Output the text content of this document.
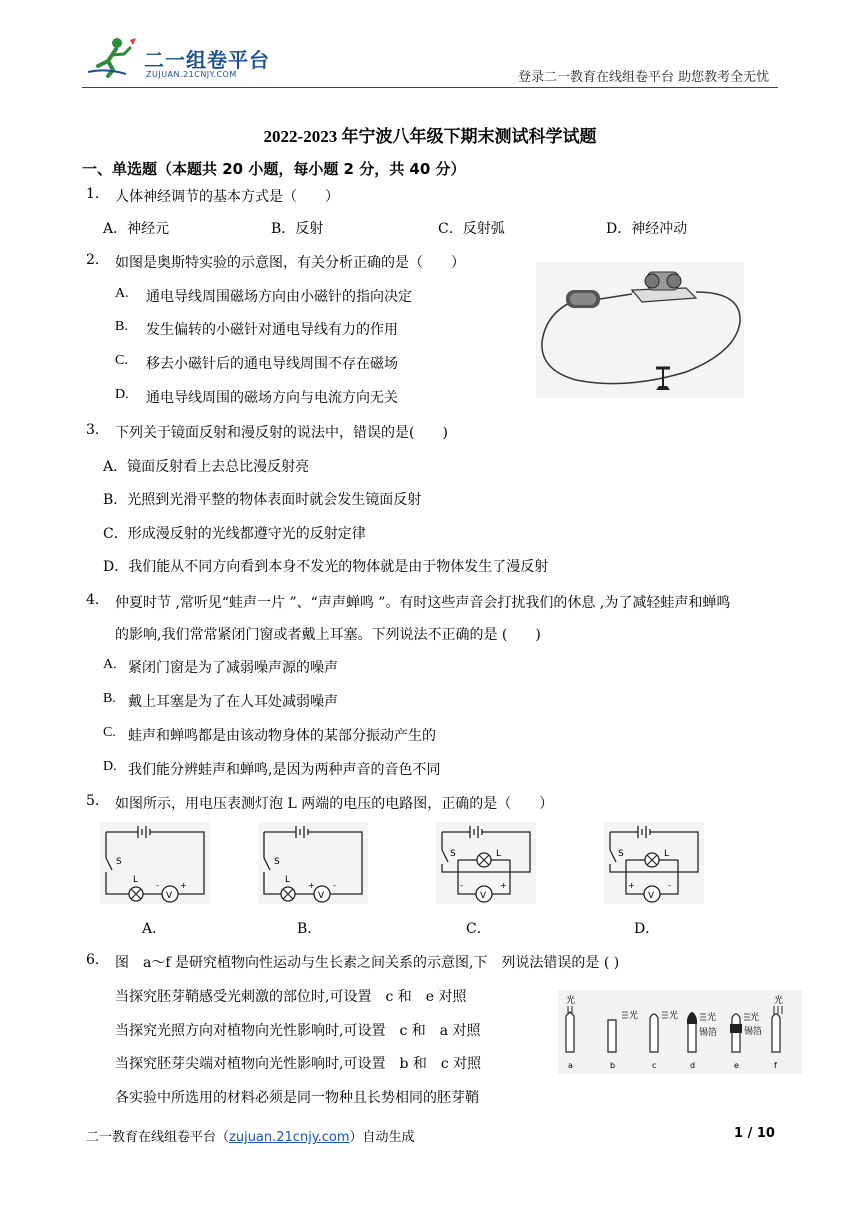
二一组卷平台
ZUJUAN.21CNJY.COM	登录二一教育在线组卷平台 助您教考全无忧
2022-2023 年宁波八年级下期末测试科学试题
一、单选题（本题共 20 小题，每小题 2 分，共 40 分）
1. 人体神经调节的基本方式是（　　）
A．神经元	B．反射	C．反射弧	D．神经冲动
2. 如图是奥斯特实验的示意图，有关分析正确的是（　　）
A. 通电导线周围磁场方向由小磁针的指向决定
B. 发生偏转的小磁针对通电导线有力的作用
C. 移去小磁针后的通电导线周围不存在磁场
D. 通电导线周围的磁场方向与电流方向无关
3. 下列关于镜面反射和漫反射的说法中，错误的是(　　)
A．镜面反射看上去总比漫反射亮
B．光照到光滑平整的物体表面时就会发生镜面反射
C．形成漫反射的光线都遵守光的反射定律
D．我们能从不同方向看到本身不发光的物体就是由于物体发生了漫反射
4. 仲夏时节 ,常听见“蛙声一片 ”、“声声蝉鸣 ”。有时这些声音会打扰我们的休息 ,为了减轻蛙声和蝉鸣
的影响,我们常常紧闭门窗或者戴上耳塞。下列说法不正确的是 (　　)
A. 紧闭门窗是为了减弱噪声源的噪声
B. 戴上耳塞是为了在人耳处减弱噪声
C. 蛙声和蝉鸣都是由该动物身体的某部分振动产生的
D. 我们能分辨蛙声和蝉鸣,是因为两种声音的音色不同
5. 如图所示，用电压表测灯泡 L 两端的电压的电路图，正确的是（　　）
S
L
V
-	+
S
L
V
+ -
S	L
V
-	+
S	L
V
+	-
A．	B．	C．	D．
6. 图　a～f 是研究植物向性运动与生长素之间关系的示意图,下　列说法错误的是 ( )
当探究胚芽鞘感受光刺激的部位时,可设置　c 和　e 对照
当探究光照方向对植物向光性影响时,可设置　c 和　a 对照
当探究胚芽尖端对植物向光性影响时,可设置　b 和　c 对照
各实验中所选用的材料必须是同一物种且长势相同的胚芽鞘
光
a
光
b
光
c
光
锡箔
d
光
锡箔
e
光
f
二一教育在线组卷平台（zujuan.21cnjy.com）自动生成	1 / 10
